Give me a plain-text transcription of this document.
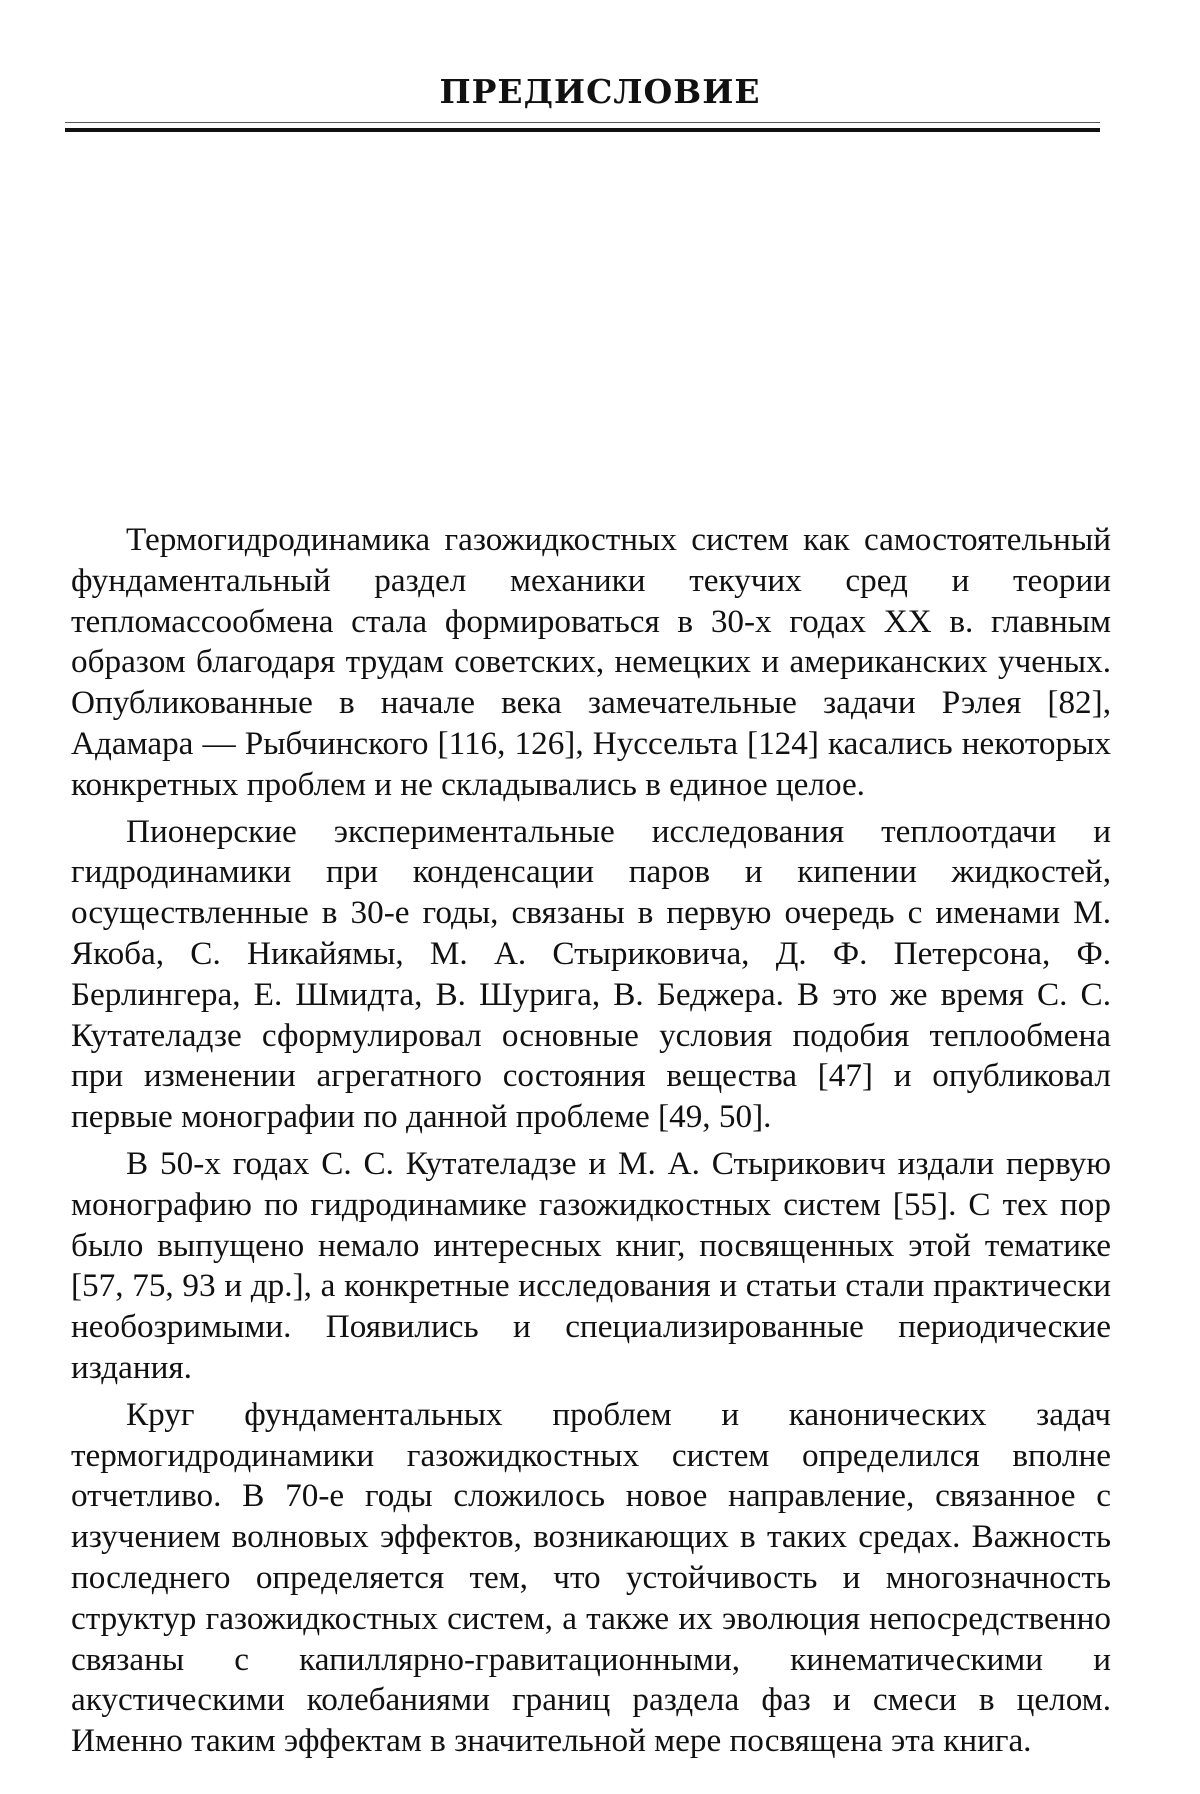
ПРЕДИСЛОВИЕ

Термогидродинамика газожидкостных систем как самостоятельный фундаментальный раздел механики текучих сред и теории тепломассообмена стала формироваться в 30-х годах XX в. главным образом благодаря трудам советских, немецких и американских ученых. Опубликованные в начале века замечательные задачи Рэлея [82], Адамара — Рыбчинского [116, 126], Нуссельта [124] касались некоторых конкретных проблем и не складывались в единое целое.

Пионерские экспериментальные исследования теплоотдачи и гидродинамики при конденсации паров и кипении жидкостей, осуществленные в 30-е годы, связаны в первую очередь с именами М. Якоба, С. Никайямы, М. А. Стыриковича, Д. Ф. Петерсона, Ф. Берлингера, Е. Шмидта, В. Шурига, В. Беджера. В это же время С. С. Кутателадзе сформулировал основные условия подобия теплообмена при изменении агрегатного состояния вещества [47] и опубликовал первые монографии по данной проблеме [49, 50].

В 50-х годах С. С. Кутателадзе и М. А. Стырикович издали первую монографию по гидродинамике газожидкостных систем [55]. С тех пор было выпущено немало интересных книг, посвященных этой тематике [57, 75, 93 и др.], а конкретные исследования и статьи стали практически необозримыми. Появились и специализированные периодические издания.

Круг фундаментальных проблем и канонических задач термогидродинамики газожидкостных систем определился вполне отчетливо. В 70-е годы сложилось новое направление, связанное с изучением волновых эффектов, возникающих в таких средах. Важность последнего определяется тем, что устойчивость и многозначность структур газожидкостных систем, а также их эволюция непосредственно связаны с капиллярно-гравитационными, кинематическими и акустическими колебаниями границ раздела фаз и смеси в целом. Именно таким эффектам в значительной мере посвящена эта книга.
